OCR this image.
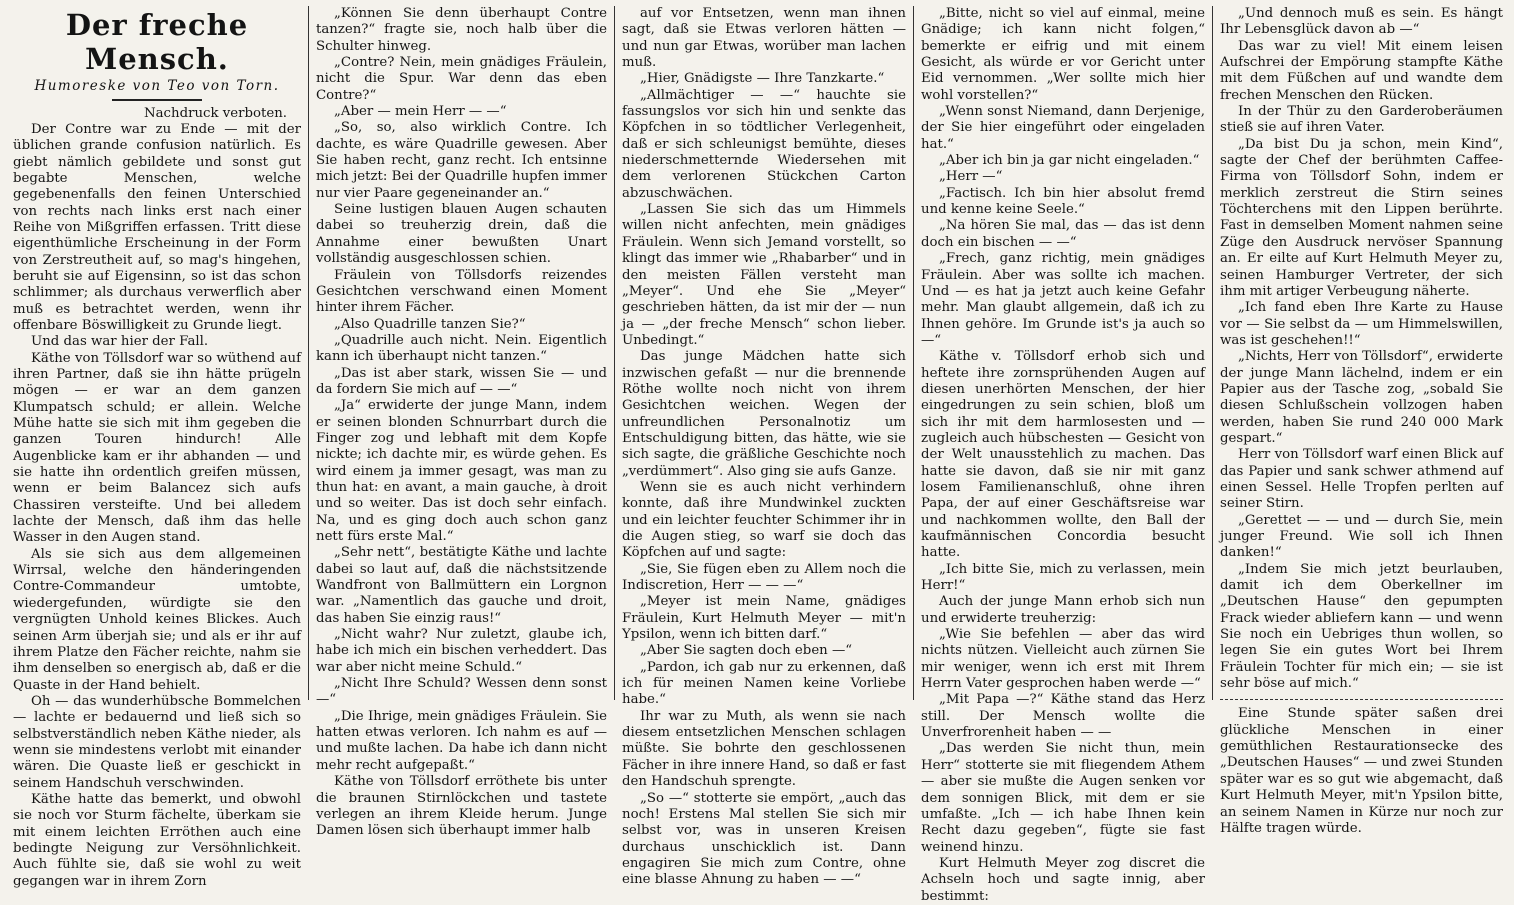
Der freche Mensch.
Humoreske von Teo von Torn.
Nachdruck verboten.

Der Contre war zu Ende — mit der üblichen grande confusion natürlich. Es giebt nämlich gebildete und sonst gut begabte Menschen, welche gegebenenfalls den feinen Unterschied von rechts nach links erst nach einer Reihe von Mißgriffen erfassen. Tritt diese eigenthümliche Erscheinung in der Form von Zerstreutheit auf, so mag's hingehen, beruht sie auf Eigensinn, so ist das schon schlimmer; als durchaus verwerflich aber muß es betrachtet werden, wenn ihr offenbare Böswilligkeit zu Grunde liegt.

Und das war hier der Fall.

Käthe von Töllsdorf war so wüthend auf ihren Partner, daß sie ihn hätte prügeln mögen — er war an dem ganzen Klumpatsch schuld; er allein. Welche Mühe hatte sie sich mit ihm gegeben die ganzen Touren hindurch! Alle Augenblicke kam er ihr abhanden — und sie hatte ihn ordentlich greifen müssen, wenn er beim Balancez sich aufs Chassiren versteifte. Und bei alledem lachte der Mensch, daß ihm das helle Wasser in den Augen stand.

Als sie sich aus dem allgemeinen Wirrsal, welche den händeringenden Contre-Commandeur umtobte, wiedergefunden, würdigte sie den vergnügten Unhold keines Blickes. Auch seinen Arm überjah sie; und als er ihr auf ihrem Platze den Fächer reichte, nahm sie ihm denselben so energisch ab, daß er die Quaste in der Hand behielt.

Oh — das wunderhübsche Bommelchen — lachte er bedauernd und ließ sich so selbstverständlich neben Käthe nieder, als wenn sie mindestens verlobt mit einander wären. Die Quaste ließ er geschickt in seinem Handschuh verschwinden.

Käthe hatte das bemerkt, und obwohl sie noch vor Sturm fächelte, überkam sie mit einem leichten Erröthen auch eine bedingte Neigung zur Versöhnlichkeit. Auch fühlte sie, daß sie wohl zu weit gegangen war in ihrem Zorn

„Können Sie denn überhaupt Contre tanzen?“ fragte sie, noch halb über die Schulter hinweg.

„Contre? Nein, mein gnädiges Fräulein, nicht die Spur. War denn das eben Contre?“

„Aber — mein Herr — —“

„So, so, also wirklich Contre. Ich dachte, es wäre Quadrille gewesen. Aber Sie haben recht, ganz recht. Ich entsinne mich jetzt: Bei der Quadrille hupfen immer nur vier Paare gegeneinander an.“

Seine lustigen blauen Augen schauten dabei so treuherzig drein, daß die Annahme einer bewußten Unart vollständig ausgeschlossen schien.

Fräulein von Töllsdorfs reizendes Gesichtchen verschwand einen Moment hinter ihrem Fächer.

„Also Quadrille tanzen Sie?“

„Quadrille auch nicht. Nein. Eigentlich kann ich überhaupt nicht tanzen.“

„Das ist aber stark, wissen Sie — und da fordern Sie mich auf — —“

„Ja“ erwiderte der junge Mann, indem er seinen blonden Schnurrbart durch die Finger zog und lebhaft mit dem Kopfe nickte; ich dachte mir, es würde gehen. Es wird einem ja immer gesagt, was man zu thun hat: en avant, a main gauche, à droit und so weiter. Das ist doch sehr einfach. Na, und es ging doch auch schon ganz nett fürs erste Mal.“

„Sehr nett“, bestätigte Käthe und lachte dabei so laut auf, daß die nächstsitzende Wandfront von Ballmüttern ein Lorgnon war. „Namentlich das gauche und droit, das haben Sie einzig raus!“

„Nicht wahr? Nur zuletzt, glaube ich, habe ich mich ein bischen verheddert. Das war aber nicht meine Schuld.“

„Nicht Ihre Schuld? Wessen denn sonst —“

„Die Ihrige, mein gnädiges Fräulein. Sie hatten etwas verloren. Ich nahm es auf — und mußte lachen. Da habe ich dann nicht mehr recht aufgepaßt.“

Käthe von Töllsdorf erröthete bis unter die braunen Stirnlöckchen und tastete verlegen an ihrem Kleide herum. Junge Damen lösen sich überhaupt immer halb

auf vor Entsetzen, wenn man ihnen sagt, daß sie Etwas verloren hätten — und nun gar Etwas, worüber man lachen muß.

„Hier, Gnädigste — Ihre Tanzkarte.“

„Allmächtiger — —“ hauchte sie fassungslos vor sich hin und senkte das Köpfchen in so tödtlicher Verlegenheit, daß er sich schleunigst bemühte, dieses niederschmetternde Wiedersehen mit dem verlorenen Stückchen Carton abzuschwächen.

„Lassen Sie sich das um Himmels willen nicht anfechten, mein gnädiges Fräulein. Wenn sich Jemand vorstellt, so klingt das immer wie „Rhabarber“ und in den meisten Fällen versteht man „Meyer“. Und ehe Sie „Meyer“ geschrieben hätten, da ist mir der — nun ja — „der freche Mensch“ schon lieber. Unbedingt.“

Das junge Mädchen hatte sich inzwischen gefaßt — nur die brennende Röthe wollte noch nicht von ihrem Gesichtchen weichen. Wegen der unfreundlichen Personalnotiz um Entschuldigung bitten, das hätte, wie sie sich sagte, die gräßliche Geschichte noch „verdümmert“. Also ging sie aufs Ganze.

Wenn sie es auch nicht verhindern konnte, daß ihre Mundwinkel zuckten und ein leichter feuchter Schimmer ihr in die Augen stieg, so warf sie doch das Köpfchen auf und sagte:

„Sie, Sie fügen eben zu Allem noch die Indiscretion, Herr — — —“

„Meyer ist mein Name, gnädiges Fräulein, Kurt Helmuth Meyer — mit'n Ypsilon, wenn ich bitten darf.“

„Aber Sie sagten doch eben —“

„Pardon, ich gab nur zu erkennen, daß ich für meinen Namen keine Vorliebe habe.“

Ihr war zu Muth, als wenn sie nach diesem entsetzlichen Menschen schlagen müßte. Sie bohrte den geschlossenen Fächer in ihre innere Hand, so daß er fast den Handschuh sprengte.

„So —“ stotterte sie empört, „auch das noch! Erstens Mal stellen Sie sich mir selbst vor, was in unseren Kreisen durchaus unschicklich ist. Dann engagiren Sie mich zum Contre, ohne eine blasse Ahnung zu haben — —“

„Bitte, nicht so viel auf einmal, meine Gnädige; ich kann nicht folgen,“ bemerkte er eifrig und mit einem Gesicht, als würde er vor Gericht unter Eid vernommen. „Wer sollte mich hier wohl vorstellen?“

„Wenn sonst Niemand, dann Derjenige, der Sie hier eingeführt oder eingeladen hat.“

„Aber ich bin ja gar nicht eingeladen.“

„Herr —“

„Factisch. Ich bin hier absolut fremd und kenne keine Seele.“

„Na hören Sie mal, das — das ist denn doch ein bischen — —“

„Frech, ganz richtig, mein gnädiges Fräulein. Aber was sollte ich machen. Und — es hat ja jetzt auch keine Gefahr mehr. Man glaubt allgemein, daß ich zu Ihnen gehöre. Im Grunde ist's ja auch so —“

Käthe v. Töllsdorf erhob sich und heftete ihre zornsprühenden Augen auf diesen unerhörten Menschen, der hier eingedrungen zu sein schien, bloß um sich ihr mit dem harmlosesten und — zugleich auch hübschesten — Gesicht von der Welt unausstehlich zu machen. Das hatte sie davon, daß sie nir mit ganz losem Familienanschluß, ohne ihren Papa, der auf einer Geschäftsreise war und nachkommen wollte, den Ball der kaufmännischen Concordia besucht hatte.

„Ich bitte Sie, mich zu verlassen, mein Herr!“

Auch der junge Mann erhob sich nun und erwiderte treuherzig:

„Wie Sie befehlen — aber das wird nichts nützen. Vielleicht auch zürnen Sie mir weniger, wenn ich erst mit Ihrem Herrn Vater gesprochen haben werde —“

„Mit Papa —?“ Käthe stand das Herz still. Der Mensch wollte die Unverfrorenheit haben — —

„Das werden Sie nicht thun, mein Herr“ stotterte sie mit fliegendem Athem — aber sie mußte die Augen senken vor dem sonnigen Blick, mit dem er sie umfaßte. „Ich — ich habe Ihnen kein Recht dazu gegeben“, fügte sie fast weinend hinzu.

Kurt Helmuth Meyer zog discret die Achseln hoch und sagte innig, aber bestimmt:

„Und dennoch muß es sein. Es hängt Ihr Lebensglück davon ab —“

Das war zu viel! Mit einem leisen Aufschrei der Empörung stampfte Käthe mit dem Füßchen auf und wandte dem frechen Menschen den Rücken.

In der Thür zu den Garderoberäumen stieß sie auf ihren Vater.

„Da bist Du ja schon, mein Kind“, sagte der Chef der berühmten Caffee-Firma von Töllsdorf Sohn, indem er merklich zerstreut die Stirn seines Töchterchens mit den Lippen berührte. Fast in demselben Moment nahmen seine Züge den Ausdruck nervöser Spannung an. Er eilte auf Kurt Helmuth Meyer zu, seinen Hamburger Vertreter, der sich ihm mit artiger Verbeugung näherte.

„Ich fand eben Ihre Karte zu Hause vor — Sie selbst da — um Himmelswillen, was ist geschehen!!“

„Nichts, Herr von Töllsdorf“, erwiderte der junge Mann lächelnd, indem er ein Papier aus der Tasche zog, „sobald Sie diesen Schlußschein vollzogen haben werden, haben Sie rund 240 000 Mark gespart.“

Herr von Töllsdorf warf einen Blick auf das Papier und sank schwer athmend auf einen Sessel. Helle Tropfen perlten auf seiner Stirn.

„Gerettet — — und — durch Sie, mein junger Freund. Wie soll ich Ihnen danken!“

„Indem Sie mich jetzt beurlauben, damit ich dem Oberkellner im „Deutschen Hause“ den gepumpten Frack wieder abliefern kann — und wenn Sie noch ein Uebriges thun wollen, so legen Sie ein gutes Wort bei Ihrem Fräulein Tochter für mich ein; — sie ist sehr böse auf mich.“

Eine Stunde später saßen drei glückliche Menschen in einer gemüthlichen Restaurationsecke des „Deutschen Hauses“ — und zwei Stunden später war es so gut wie abgemacht, daß Kurt Helmuth Meyer, mit'n Ypsilon bitte, an seinem Namen in Kürze nur noch zur Hälfte tragen würde.
